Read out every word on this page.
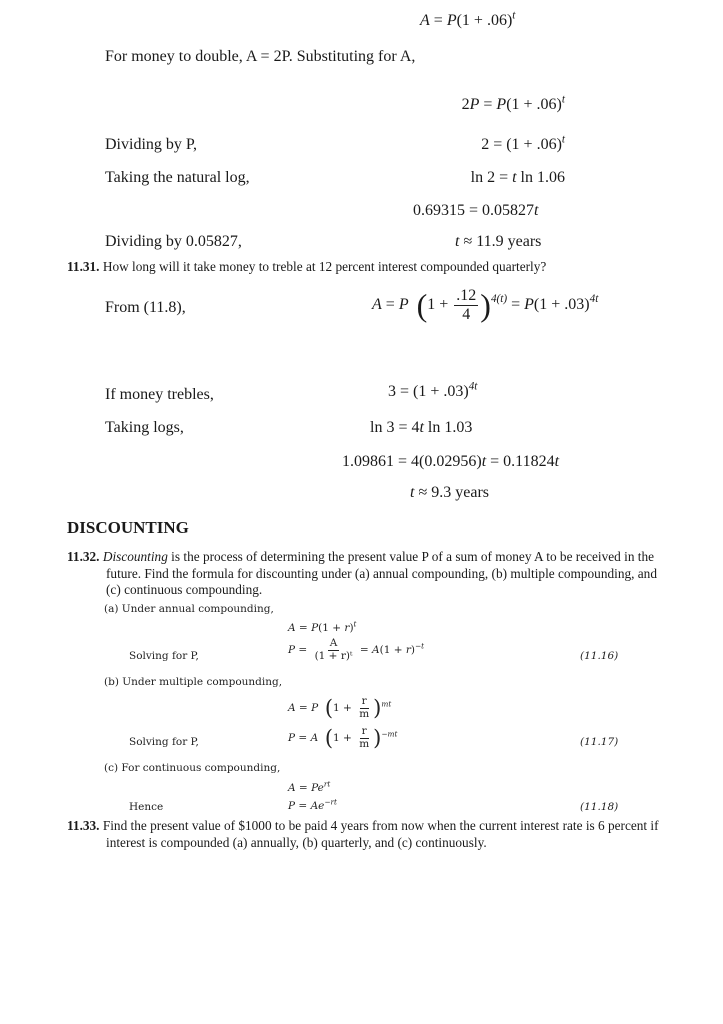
$A = P(1 + .06)^t$
For money to double, A = 2P. Substituting for A,
$2P = P(1 + .06)^t$
Dividing by P,	$2 = (1 + .06)^t$
Taking the natural log,	ln 2 = t ln 1.06
0.69315 = 0.05827t
Dividing by 0.05827,	t ≈ 11.9 years
11.31. How long will it take money to treble at 12 percent interest compounded quarterly?
From (11.8),	A = P $(1 + \frac{.12}{4} )^{4(t)} = P(1 + .03)^{4t}$
If money trebles,	$3 = (1 + .03)^{4t}$
Taking logs,	ln 3 = 4t ln 1.03
1.09861 = 4(0.02956)t = 0.11824t
t ≈ 9.3 years
DISCOUNTING
11.32. Discounting is the process of determining the present value P of a sum of money A to be received in the future. Find the formula for discounting under (a) annual compounding, (b) multiple compounding, and (c) continuous compounding.
(a) Under annual compounding,
$A = P(1 + r)^t$
Solving for P,	$P = \frac{A}{\text{(1 + r)ᵗ}} = A(1 + r)^{-t}$
(11.16)
(b) Under multiple compounding,
A = P $(1 + \frac{r}{m} )^{mt}$
Solving for P,	P = A $(1 + \frac{r}{m} )^{-mt}$
(11.17)
(c) For continuous compounding,
$A = Pe^{rt}$
Hence	$P = Ae^{-rt}$	(11.18)
11.33. Find the present value of $1000 to be paid 4 years from now when the current interest rate is 6 percent if interest is compounded (a) annually, (b) quarterly, and (c) continuously.
